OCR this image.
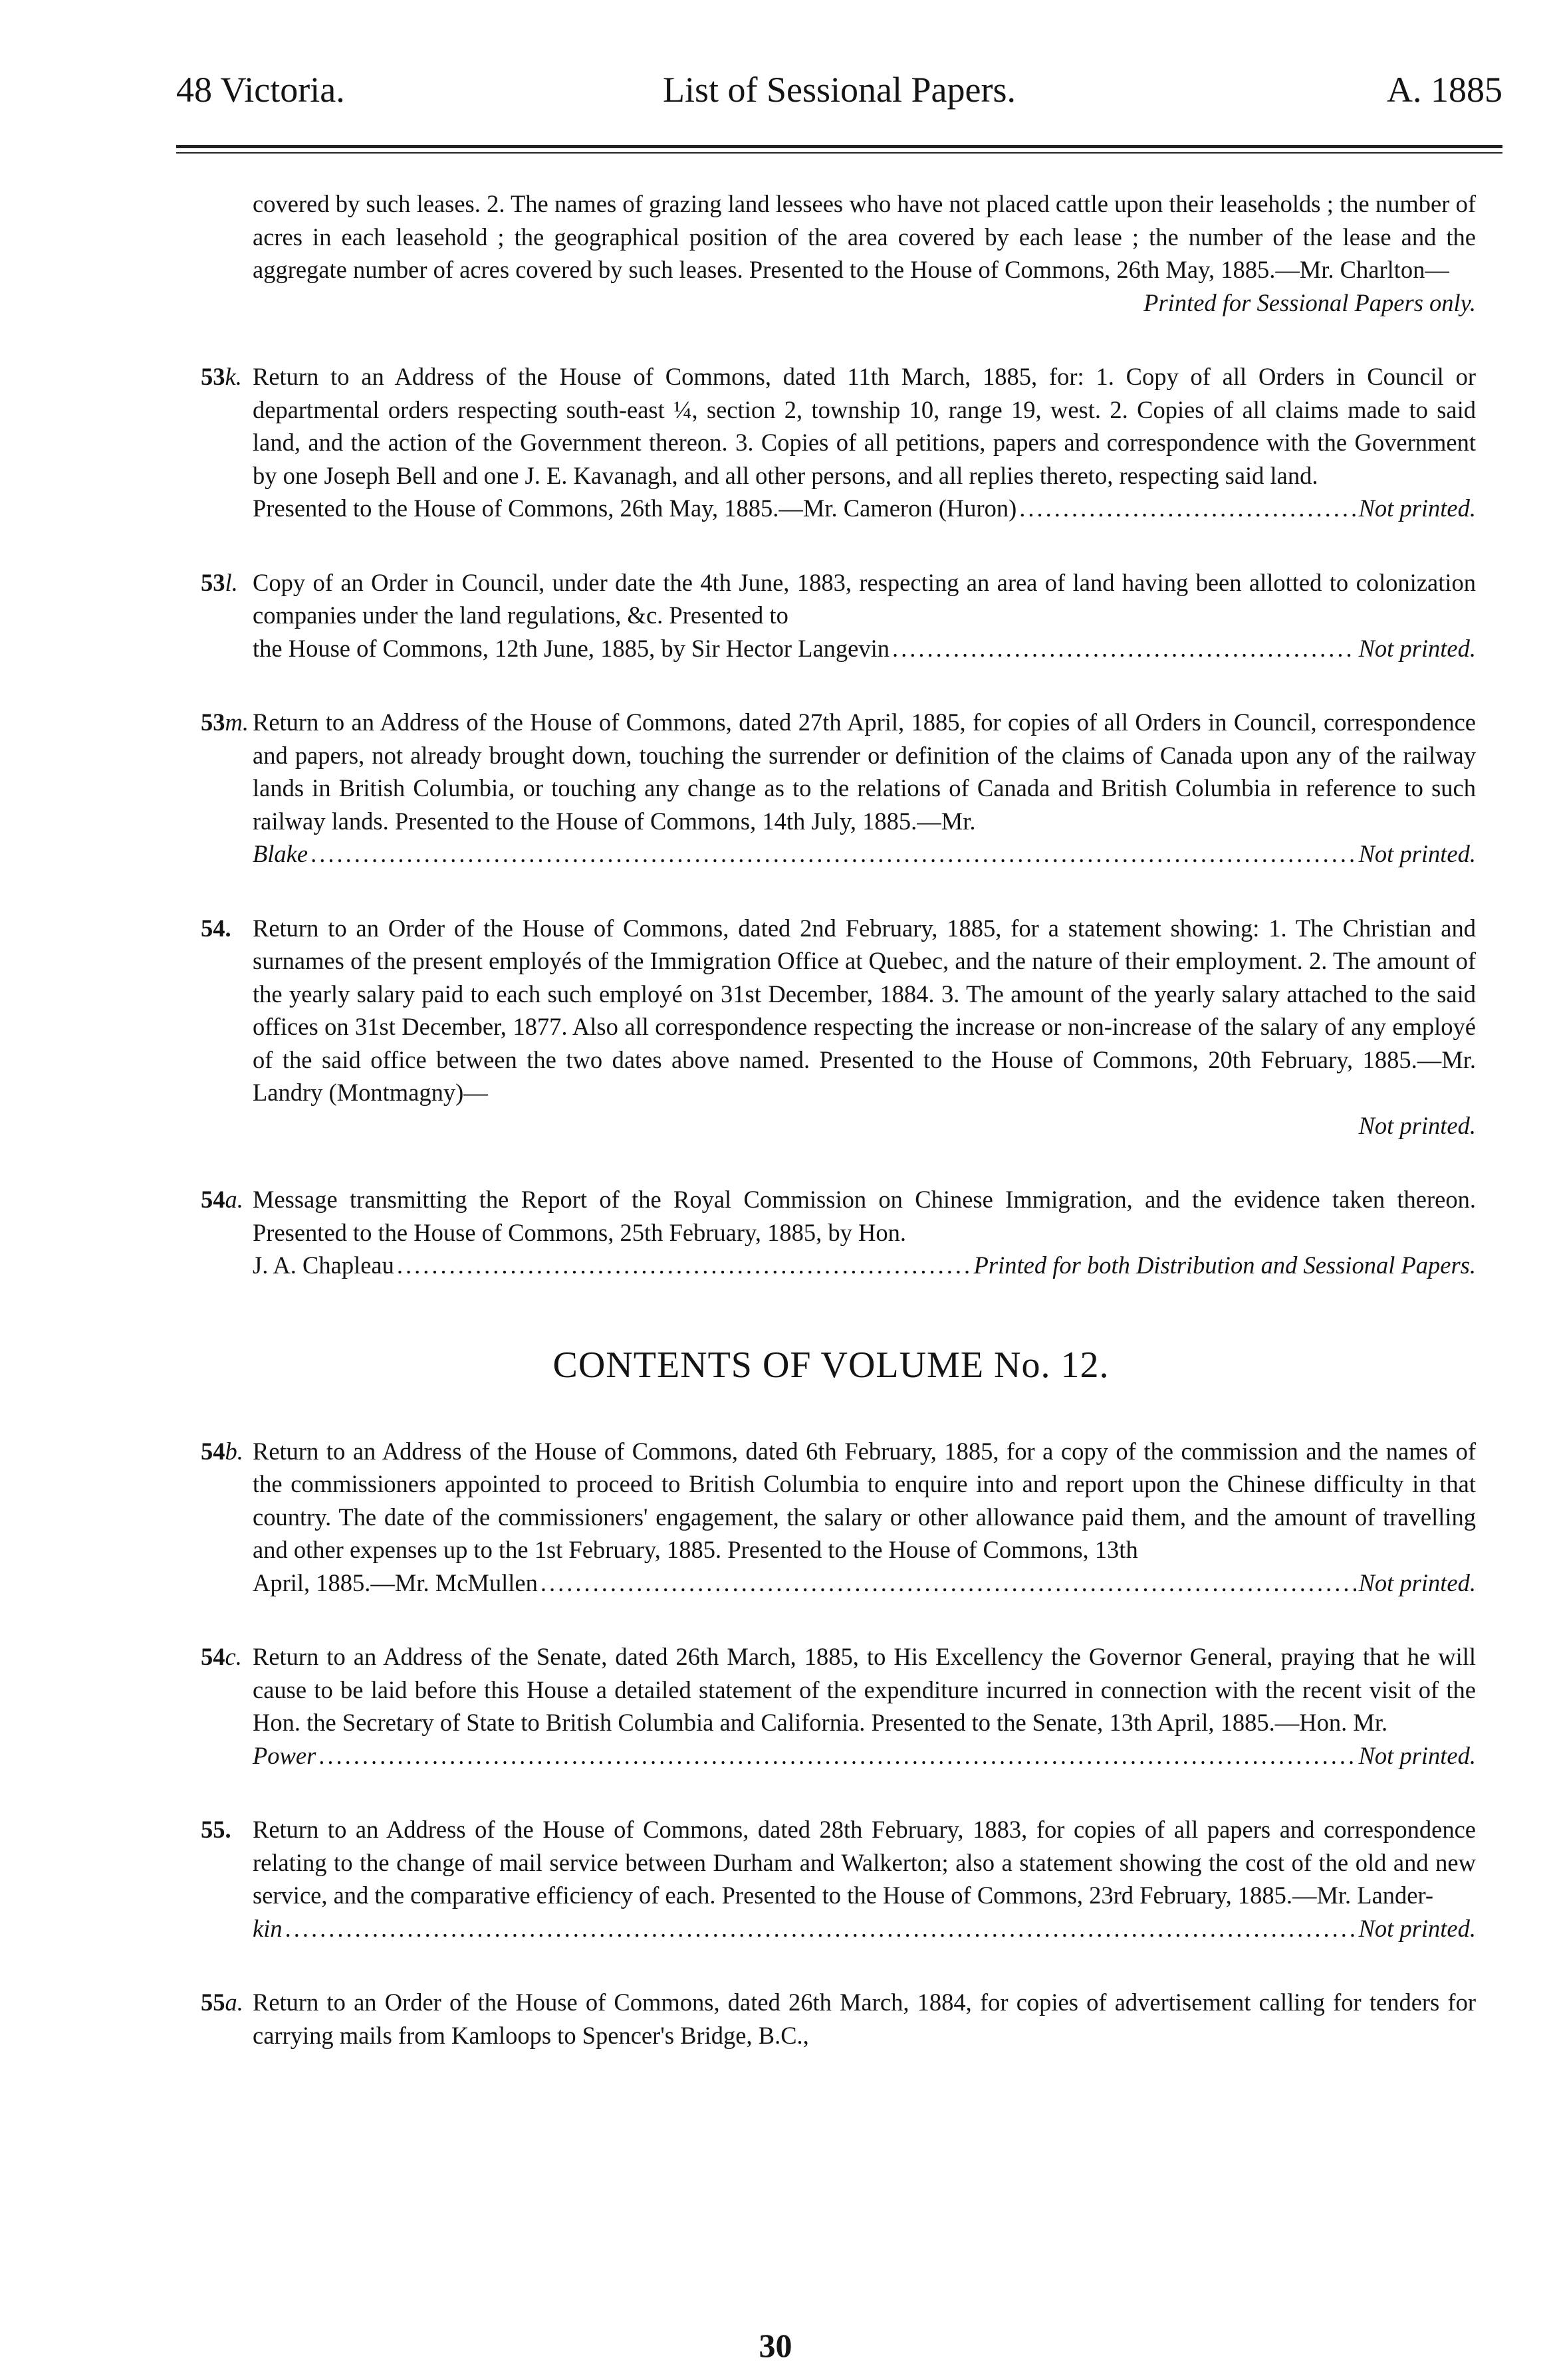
48 Victoria.	List of Sessional Papers.	A. 1885
covered by such leases. 2. The names of grazing land lessees who have not placed cattle upon their leaseholds ; the number of acres in each leasehold ; the geographical position of the area covered by each lease ; the number of the lease and the aggregate number of acres covered by such leases. Presented to the House of Commons, 26th May, 1885.—Mr. Charlton—
Printed for Sessional Papers only.
53k. Return to an Address of the House of Commons, dated 11th March, 1885, for: 1. Copy of all Orders in Council or departmental orders respecting south-east ¼, section 2, township 10, range 19, west. 2. Copies of all claims made to said land, and the action of the Government thereon. 3. Copies of all petitions, papers and correspondence with the Government by one Joseph Bell and one J. E. Kavanagh, and all other persons, and all replies thereto, respecting said land.
Presented to the House of Commons, 26th May, 1885.—Mr. Cameron (Huron) .....	Not printed.
53l. Copy of an Order in Council, under date the 4th June, 1883, respecting an area of land having been allotted to colonization companies under the land regulations, &c. Presented to
the House of Commons, 12th June, 1885, by Sir Hector Langevin .....	Not printed.
53m. Return to an Address of the House of Commons, dated 27th April, 1885, for copies of all Orders in Council, correspondence and papers, not already brought down, touching the surrender or definition of the claims of Canada upon any of the railway lands in British Columbia, or touching any change as to the relations of Canada and British Columbia in reference to such railway lands. Presented to the House of Commons, 14th July, 1885.—Mr.
Blake .....	Not printed.
54. Return to an Order of the House of Commons, dated 2nd February, 1885, for a statement showing: 1. The Christian and surnames of the present employés of the Immigration Office at Quebec, and the nature of their employment. 2. The amount of the yearly salary paid to each such employé on 31st December, 1884. 3. The amount of the yearly salary attached to the said offices on 31st December, 1877. Also all correspondence respecting the increase or non-increase of the salary of any employé of the said office between the two dates above named. Presented to the House of Commons, 20th February, 1885.—Mr. Landry (Montmagny)—
Not printed.
54a. Message transmitting the Report of the Royal Commission on Chinese Immigration, and the evidence taken thereon. Presented to the House of Commons, 25th February, 1885, by Hon.
J. A. Chapleau .....	Printed for both Distribution and Sessional Papers.
CONTENTS OF VOLUME No. 12.
54b. Return to an Address of the House of Commons, dated 6th February, 1885, for a copy of the commission and the names of the commissioners appointed to proceed to British Columbia to enquire into and report upon the Chinese difficulty in that country. The date of the commissioners' engagement, the salary or other allowance paid them, and the amount of travelling and other expenses up to the 1st February, 1885. Presented to the House of Commons, 13th
April, 1885.—Mr. McMullen .....	Not printed.
54c. Return to an Address of the Senate, dated 26th March, 1885, to His Excellency the Governor General, praying that he will cause to be laid before this House a detailed statement of the expenditure incurred in connection with the recent visit of the Hon. the Secretary of State to British Columbia and California. Presented to the Senate, 13th April, 1885.—Hon. Mr.
Power .....	Not printed.
55. Return to an Address of the House of Commons, dated 28th February, 1883, for copies of all papers and correspondence relating to the change of mail service between Durham and Walkerton; also a statement showing the cost of the old and new service, and the comparative efficiency of each. Presented to the House of Commons, 23rd February, 1885.—Mr. Lander-
kin .....	Not printed.
55a. Return to an Order of the House of Commons, dated 26th March, 1884, for copies of advertisement calling for tenders for carrying mails from Kamloops to Spencer's Bridge, B.C.,
30
